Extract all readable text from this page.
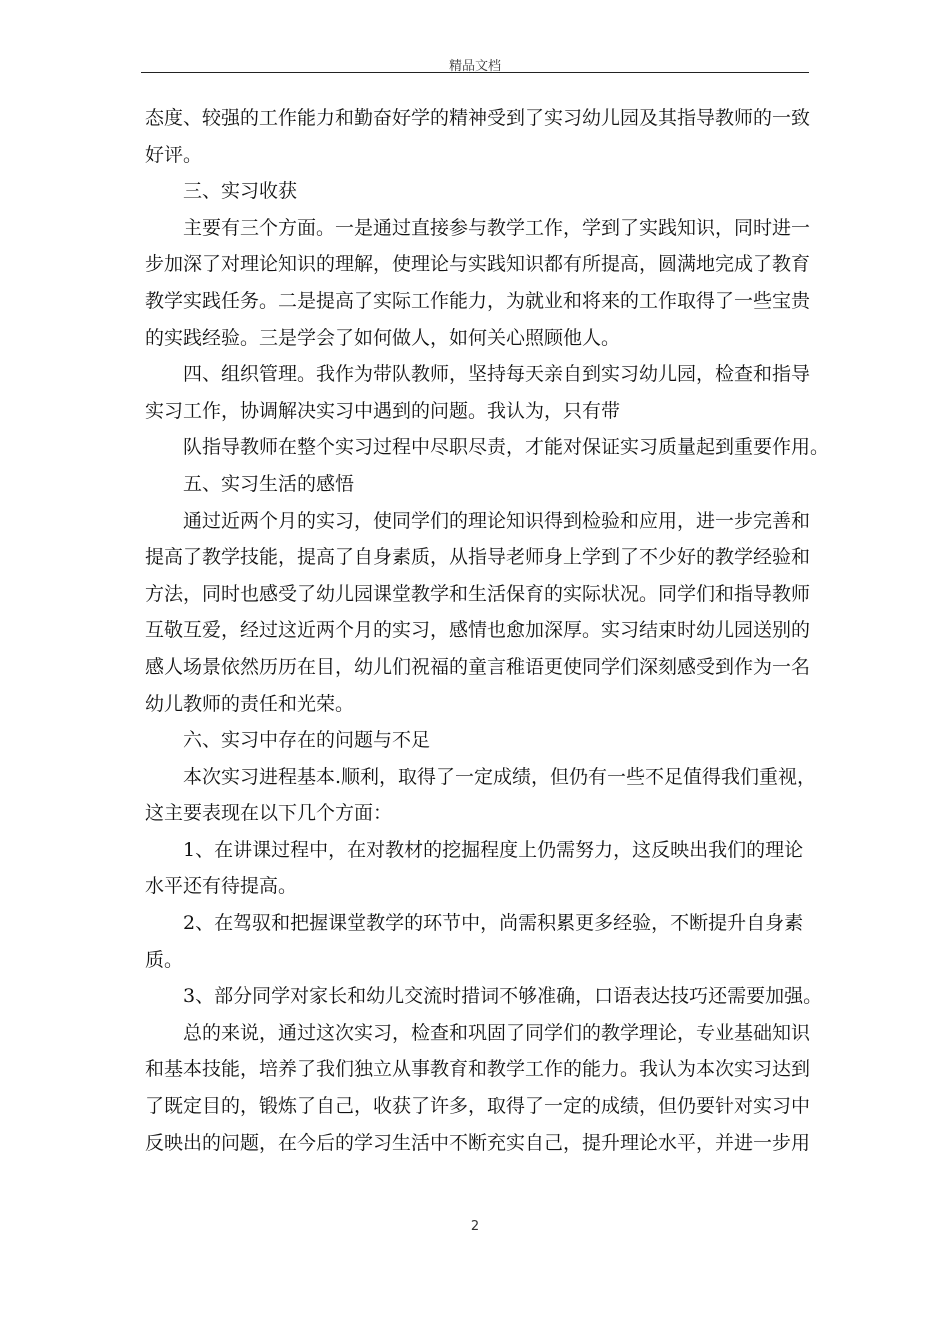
精品文档
态度、较强的工作能力和勤奋好学的精神受到了实习幼儿园及其指导教师的一致
好评。
三、实习收获
主要有三个方面。一是通过直接参与教学工作，学到了实践知识，同时进一
步加深了对理论知识的理解，使理论与实践知识都有所提高，圆满地完成了教育
教学实践任务。二是提高了实际工作能力，为就业和将来的工作取得了一些宝贵
的实践经验。三是学会了如何做人，如何关心照顾他人。
四、组织管理。我作为带队教师，坚持每天亲自到实习幼儿园，检查和指导
实习工作，协调解决实习中遇到的问题。我认为，只有带
队指导教师在整个实习过程中尽职尽责，才能对保证实习质量起到重要作用。
五、实习生活的感悟
通过近两个月的实习，使同学们的理论知识得到检验和应用，进一步完善和
提高了教学技能，提高了自身素质，从指导老师身上学到了不少好的教学经验和
方法，同时也感受了幼儿园课堂教学和生活保育的实际状况。同学们和指导教师
互敬互爱，经过这近两个月的实习，感情也愈加深厚。实习结束时幼儿园送别的
感人场景依然历历在目，幼儿们祝福的童言稚语更使同学们深刻感受到作为一名
幼儿教师的责任和光荣。
六、实习中存在的问题与不足
本次实习进程基本.顺利，取得了一定成绩，但仍有一些不足值得我们重视，
这主要表现在以下几个方面：
1、在讲课过程中，在对教材的挖掘程度上仍需努力，这反映出我们的理论
水平还有待提高。
2、在驾驭和把握课堂教学的环节中，尚需积累更多经验，不断提升自身素
质。
3、部分同学对家长和幼儿交流时措词不够准确，口语表达技巧还需要加强。
总的来说，通过这次实习，检查和巩固了同学们的教学理论，专业基础知识
和基本技能，培养了我们独立从事教育和教学工作的能力。我认为本次实习达到
了既定目的，锻炼了自己，收获了许多，取得了一定的成绩，但仍要针对实习中
反映出的问题，在今后的学习生活中不断充实自己，提升理论水平，并进一步用
2
